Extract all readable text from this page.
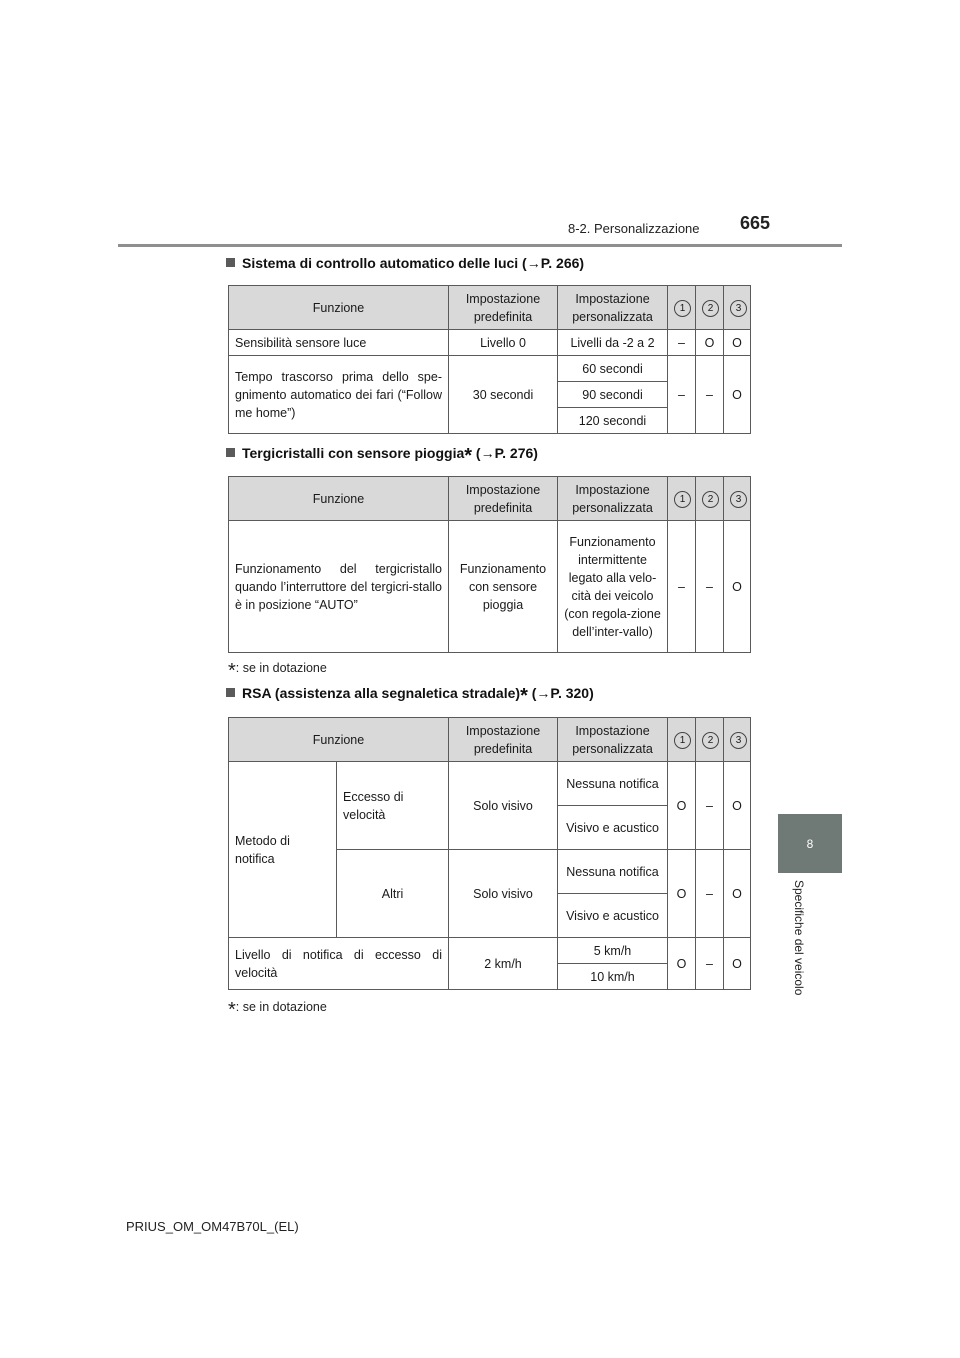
8-2. Personalizzazione 665
8
Specifiche del veicolo
Sistema di controllo automatico delle luci (→P. 266)
Funzione	Impostazione predefinita	Impostazione personalizzata	1	2	3
Sensibilità sensore luce	Livello 0	Livelli da -2 a 2	–	O	O
Tempo trascorso prima dello spe-gnimento automatico dei fari (“Follow me home”)	30 secondi	60 secondi	–	–	O
		90 secondi			
		120 secondi			
Tergicristalli con sensore pioggia* (→P. 276)
Funzione	Impostazione predefinita	Impostazione personalizzata	1	2	3
Funzionamento del tergicristallo quando l’interruttore del tergicri-stallo è in posizione “AUTO”	Funzionamento con sensore pioggia	Funzionamento intermittente legato alla velo-cità dei veicolo (con regola-zione dell’inter-vallo)	–	–	O
*: se in dotazione
RSA (assistenza alla segnaletica stradale)* (→P. 320)
Funzione		Impostazione predefinita	Impostazione personalizzata	1	2	3
Metodo di notifica	Eccesso di velocità	Solo visivo	Nessuna notifica	O	–	O
			Visivo e acustico			
	Altri	Solo visivo	Nessuna notifica	O	–	O
			Visivo e acustico			
Livello di notifica di eccesso di velocità		2 km/h	5 km/h	O	–	O
			10 km/h			
*: se in dotazione
PRIUS_OM_OM47B70L_(EL)
